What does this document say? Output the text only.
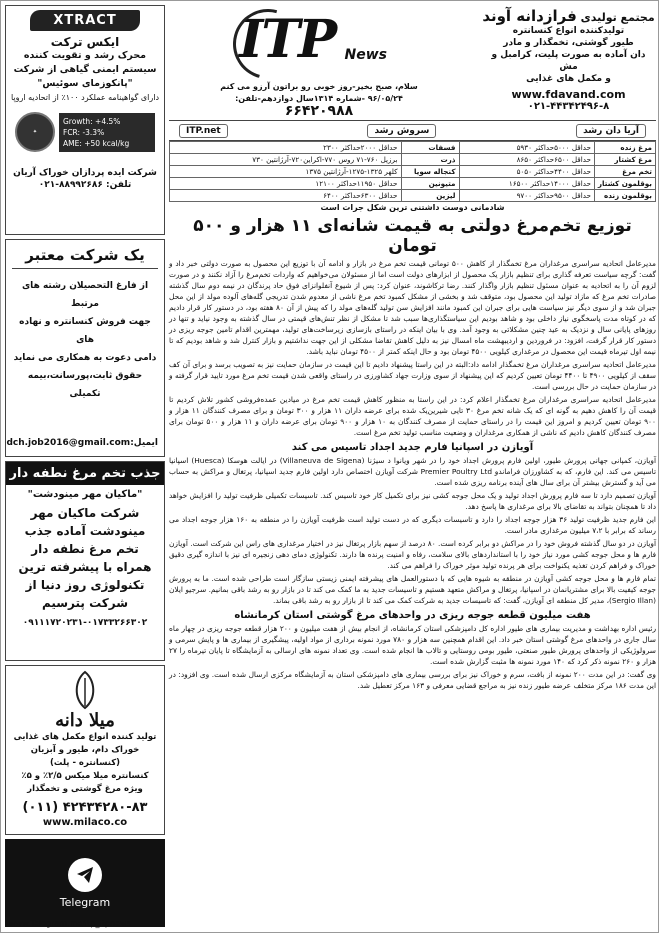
XTRACT
ایکس ترکت
محرک رشد و تقویت کننده
سیستم ایمنی گیاهی از شرکت
"پانکوزمای سوئیس"
دارای گواهینامه عملکرد ۱۰۰٪ از اتحادیه اروپا
✦
Growth: +4.5%
FCR: -3.3%
AME: +50 kcal/kg
شرکت ایده پردازان خوراک آریان
تلفن: ۸۸۹۹۲۶۸۶-۰۲۱
یک شرکت معتبر

از فارغ التحصیلان رشته های مرتبط

جهت فروش کنسانتره و نهاده های

دامی دعوت به همکاری می نماید

حقوق ثابت،پورسانت،بیمه تکمیلی

ایمیل:
dch.job2016@gmail.com
جذب تخم مرغ نطفه دار
"ماکیان مهر مینودشت"
شرکت ماکیان مهر
مینودشت آماده جذب
تخم مرغ نطفه دار
همراه با پیشرفته ترین
تکنولوژی روز دنیا از
شرکت پترسیم
۰۹۱۱۱۷۲۰۲۳۱-۰۱۷۳۳۲۶۶۳۰۲
میلا دانه
تولید کننده انواع مکمل های غذایی
خوراک دام، طیور و آبزیان (کنسانتره - پلت)
کنسانتره میلا میکس ۲/۵٪ و ۵٪
ویژه مرغ گوشتی و تخمگذار
(۰۱۱) ۴۲۴۳۴۲۸۰-۸۳
www.milaco.co
Telegram
www.Telegram.me/itp_itpnews
ITP News
سلام، صبح بخیر-روز خوبی رو براتون آرزو می کنم
۹۶/۰۵/۲۴ -شماره ۱۳۱۴سال دوازدهم-تلفن:
۶۶۴۲۰۹۸۸
مجتمع تولیدی فرازدانه آوند
تولیدکننده انواع کنسانتره
طیور گوشتی، تخمگذار و مادر
دان آماده به صورت پلیت، کرامبل و مش
و مکمل های غذایی
www.fdavand.com
۰۲۱-۴۴۳۴۲۴۹۶-۸
آریا دان رشد
سروش رشد
ITP.net
مرغ زنده	حداقل ۵۰۰۰حداکثر ۵۹۳۰	فسفات	حداقل ۲۰۰۰حداکثر ۲۳۰۰
مرغ کشتار	حداقل ۶۵۰۰حداکثر ۸۶۵۰	ذرت	برزیل ۷۶۰-۷۱ روس ۷۷۰-اکراین۷۲۰-آرژانتین ۷۳۰
تخم مرغ	حداقل ۴۴۰۰حداکثر ۵۰۵۰	کنجاله سویا	کلهر ۱۳۲۵-۱۲۷۵-آرژانتین ۱۳۷۵
بوقلمون کشتار	حداقل ۱۴۰۰۰حداکثر ۱۶۵۰۰	متیونین	حداقل ۱۱۹۵۰حداکثر ۱۲۱۰۰
بوقلمون زنده	حداقل ۹۵۰۰حداکثر ۹۷۰۰	لیزین	حداقل ۶۳۰۰حداکثر ۶۴۰۰
شادمانی دوست داشتنی ترین شکل جرات است
توزیع تخم‌مرغ دولتی به قیمت شانه‌ای ۱۱ هزار و ۵۰۰ تومان

مدیرعامل اتحادیه سراسری مرغداران مرغ تخمگذار از کاهش ۵۰۰ تومانی قیمت تخم مرغ در بازار و ادامه آن با توزیع این محصول به صورت دولتی خبر داد و گفت: گرچه سیاست تعرفه گذاری برای تنظیم بازار یک محصول از ابزارهای دولت است اما از مسئولان می‌خواهیم که واردات تخم‌مرغ را آزاد نکنند و در صورت لزوم آن را به اتحادیه به عنوان مسئول تنظیم بازار واگذار کنند. رضا ترکاشوند، عنوان کرد: پس از شیوع آنفلوانزای فوق حاد پرندگان در نیمه دوم سال گذشته صادرات تخم مرغ که مازاد تولید این محصول بود، متوقف شد و بخشی از مشکل کمبود تخم مرغ ناشی از معدوم شدن تدریجی گله‌های آلوده مولد از این محل جبران شد و از سوی دیگر نیز سیاست هایی برای جبران این کمبود مانند افزایش سن تولید گله‌های مولد را که پیش از آن ۸۰ هفته بود، در دستور کار قرار دادیم که در کوتاه مدت پاسخگوی نیاز داخلی بود و شاهد بودیم این سیاستگذاری‌ها سبب شد تا مشکل از نظر تنش‌های قیمتی در سال گذشته به وجود نیاید و تنها در روزهای پایانی سال و نزدیک به عید چنین مشکلاتی به وجود آمد. وی با بیان اینکه در راستای بازسازی زیرساخت‌های تولید، مهمترین اقدام تامین جوجه ریزی در دستور کار قرار گرفت، افزود: در فروردین و اردیبهشت ماه امسال نیز به دلیل کاهش تقاضا مشکلی از این جهت نداشتیم و بازار کنترل شد و شاهد بودیم که تا نیمه اول تیرماه قیمت این محصول در مرغداری کیلویی ۴۵۰۰ تومان بود و حال اینکه کمتر از ۴۵۰۰ تومان نباید باشد.

مدیرعامل اتحادیه سراسری مرغداران مرغ تخمگذار ادامه داد:البته در این راستا پیشنهاد دادیم تا این قیمت در سازمان حمایت نیز به تصویب برسد و برای آن کف سقف از کیلویی ۴۹۰۰ تا ۴۴۰۰ تومان تعیین کردیم که این پیشنهاد از سوی وزارت جهاد کشاورزی در راستای واقعی شدن قیمت تخم مرغ مورد تایید قرار گرفته و در سازمان حمایت در حال بررسی است.

مدیرعامل اتحادیه سراسری مرغداران مرغ تخمگذار اعلام کرد: در این راستا به منظور کاهش قیمت تخم مرغ در میادین عمده‌فروشی کشور تلاش کردیم تا قیمت آن را کاهش دهیم به گونه ای که یک شانه تخم مرغ ۳۰ تایی شیرین‌یک شده برای عرضه داران ۱۱ هزار و ۳۰۰ تومان و برای مصرف کنندگان ۱۱ هزار و ۹۰۰ تومان تعیین کردیم و امروز این قیمت را در راستای حمایت از مصرف کنندگان به ۱۰ هزار و ۹۰۰ تومان برای عرضه داران و ۱۱ هزار و ۵۰۰ تومان برای مصرف کنندگان کاهش دادیم که ناشی از همکاری مرغداران و وضعیت مناسب تولید تخم مرغ است.

آویازن در اسپانیا فارم جدید اجداد تاسیس می کند

آویازن، کمپانی جهانی پرورش طیور، اولین فارم پرورش اجداد خود را در شهر ویانوا د سیژنا (Villaneuva de Sigena) در ایالت هوسکا (Huesca) اسپانیا تاسیس می کند. این فارم، که به کشاورزان فراماندو Premier Poultry Ltd شرکت آویازن اختصاص دارد اولین فارم جدید اسپانیا، پرتغال و مراکش به حساب می آید و گسترش بیشتر آن برای سال های آینده برنامه ریزی شده است.

آویازن تصمیم دارد تا سه فارم پرورش اجداد تولید و یک محل جوجه کشی نیز برای تکمیل کار خود تاسیس کند. تاسیسات تکمیلی ظرفیت تولید را افزایش خواهد داد تا همچنان بتواند به تقاضای بالا برای مرغداری ها پاسخ دهد.

این فارم جدید ظرفیت تولید ۳۶ هزار جوجه اجداد را دارد و تاسیسات دیگری که در دست تولید است ظرفیت آویازن را در منطقه به ۱۶۰ هزار جوجه اجداد می رساند که برابر با ۷،۲ میلیون مرغداری مادر است.

آویازن در دو سال گذشته فروش خود را در مراکش دو برابر کرده است. ۸۰ درصد از سهم بازار پرتغال نیز در اختیار مرغداری های راس این شرکت است. آویازن فارم ها و محل جوجه کشی مورد نیاز خود را با استانداردهای بالای سلامت، رفاه و امنیت پرنده ها دارند. تکنولوژی دمای دهی زنجیره ای نیز با اندازه گیری دقیق خوراک و فراهم کردن تغذیه یکنواخت برای هر پرنده تولید موثر خوراک را فراهم می کند.

تمام فارم ها و محل جوجه کشی آویازن در منطقه به شیوه هایی که با دستورالعمل های پیشرفته ایمنی زیستی سازگار است طراحی شده است. ما به پرورش جوجه کیفیت بالا برای مشتریانمان در اسپانیا، پرتغال و مراکش متعهد هستیم و تاسیسات جدید به ما کمک می کند تا در بازار رو به رشد باقی بمانیم. سرجیو ایلان (Sergio Illan)، مدیر کل منطقه ای آویازن، گفت: که تاسیسات جدید به شرکت کمک می کند تا از بازار رو به رشد باقی بماند.

هفت میلیون قطعه جوجه ریزی در واحدهای مرغ گوشتی استان کرمانشاه

رئیس اداره بهداشت و مدیریت بیماری های طیور اداره کل دامپزشکی استان کرمانشاه، از انجام بیش از هفت میلیون و ۲۰۰ هزار قطعه جوجه ریزی در چهار ماه سال جاری در واحدهای مرغ گوشتی استان خبر داد. این اقدام همچنین سه هزار و ۷۸۰ مورد نمونه برداری از مواد اولیه، پیشگیری از بیماری ها و پایش سرمی و سرولوژیکی از واحدهای پرورش طیور صنعتی، طیور بومی روستایی و تالاب ها انجام شده است. وی تعداد نمونه های ارسالی به آزمایشگاه تا پایان تیرماه را ۲۷ هزار و ۲۶۰ نمونه ذکر کرد که ۱۴۰ مورد نمونه ها مثبت گزارش شده است.

وی گفت: در این مدت ۲۰۰ نمونه از بافت، سرم و خوراک نیز برای بررسی بیماری های دامپزشکی استان به آزمایشگاه مرکزی ارسال شده است. وی افزود: در این مدت ۱۸۶ مرکز متخلف عرضه طیور زنده نیز به مراجع قضایی معرفی و ۱۶۳ مرکز تعطیل شد.
